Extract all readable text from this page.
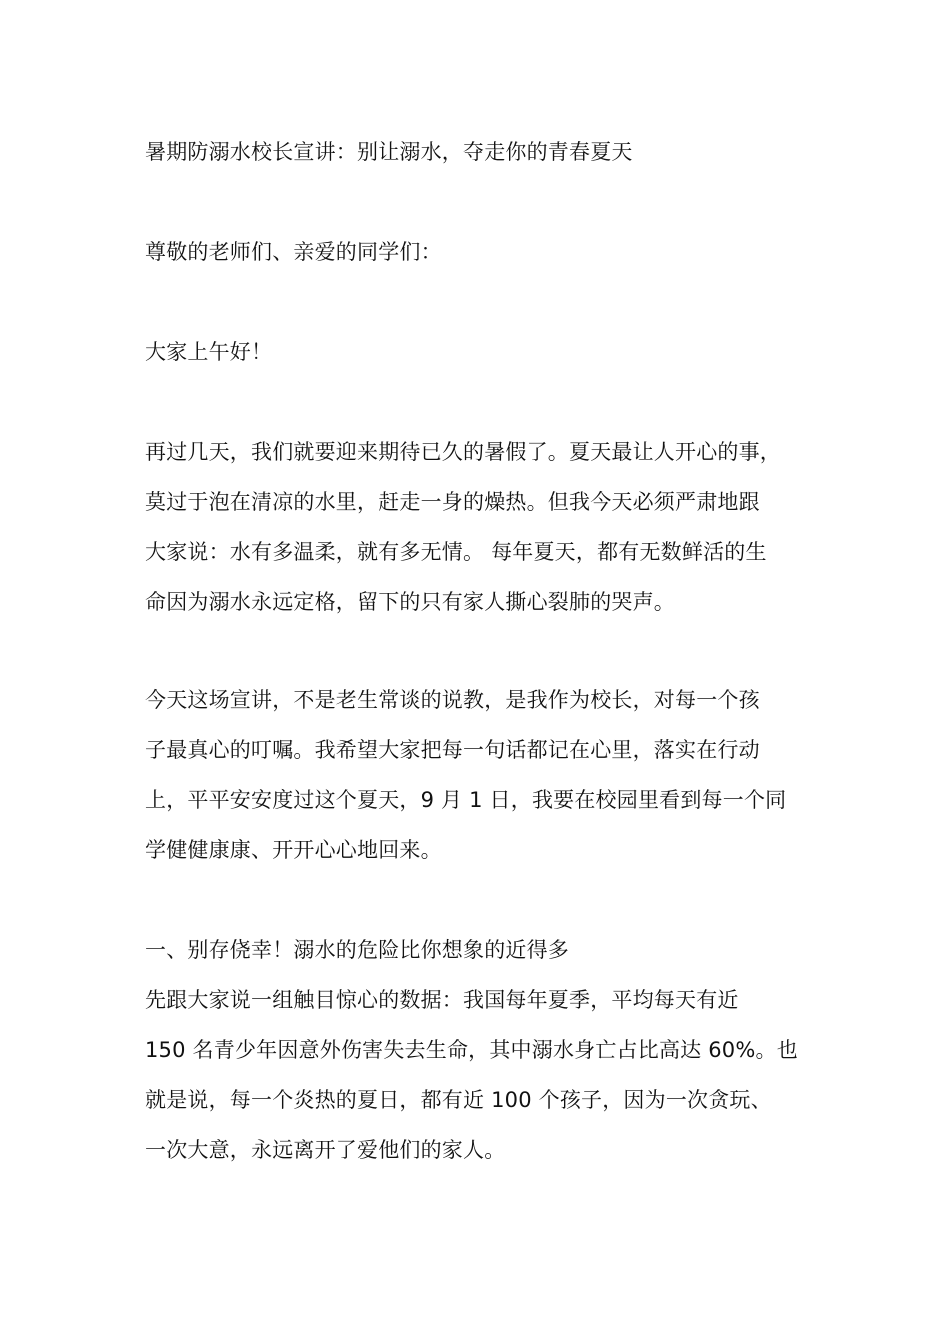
暑期防溺水校长宣讲：别让溺水，夺走你的青春夏天
尊敬的老师们、亲爱的同学们：
大家上午好！
再过几天，我们就要迎来期待已久的暑假了。夏天最让人开心的事，
莫过于泡在清凉的水里，赶走一身的燥热。但我今天必须严肃地跟
大家说：水有多温柔，就有多无情。 每年夏天，都有无数鲜活的生
命因为溺水永远定格，留下的只有家人撕心裂肺的哭声。
今天这场宣讲，不是老生常谈的说教，是我作为校长，对每一个孩
子最真心的叮嘱。我希望大家把每一句话都记在心里，落实在行动
上，平平安安度过这个夏天，9 月 1 日，我要在校园里看到每一个同
学健健康康、开开心心地回来。
一、别存侥幸！溺水的危险比你想象的近得多
先跟大家说一组触目惊心的数据：我国每年夏季，平均每天有近
150 名青少年因意外伤害失去生命，其中溺水身亡占比高达 60%。也
就是说，每一个炎热的夏日，都有近 100 个孩子，因为一次贪玩、
一次大意，永远离开了爱他们的家人。
